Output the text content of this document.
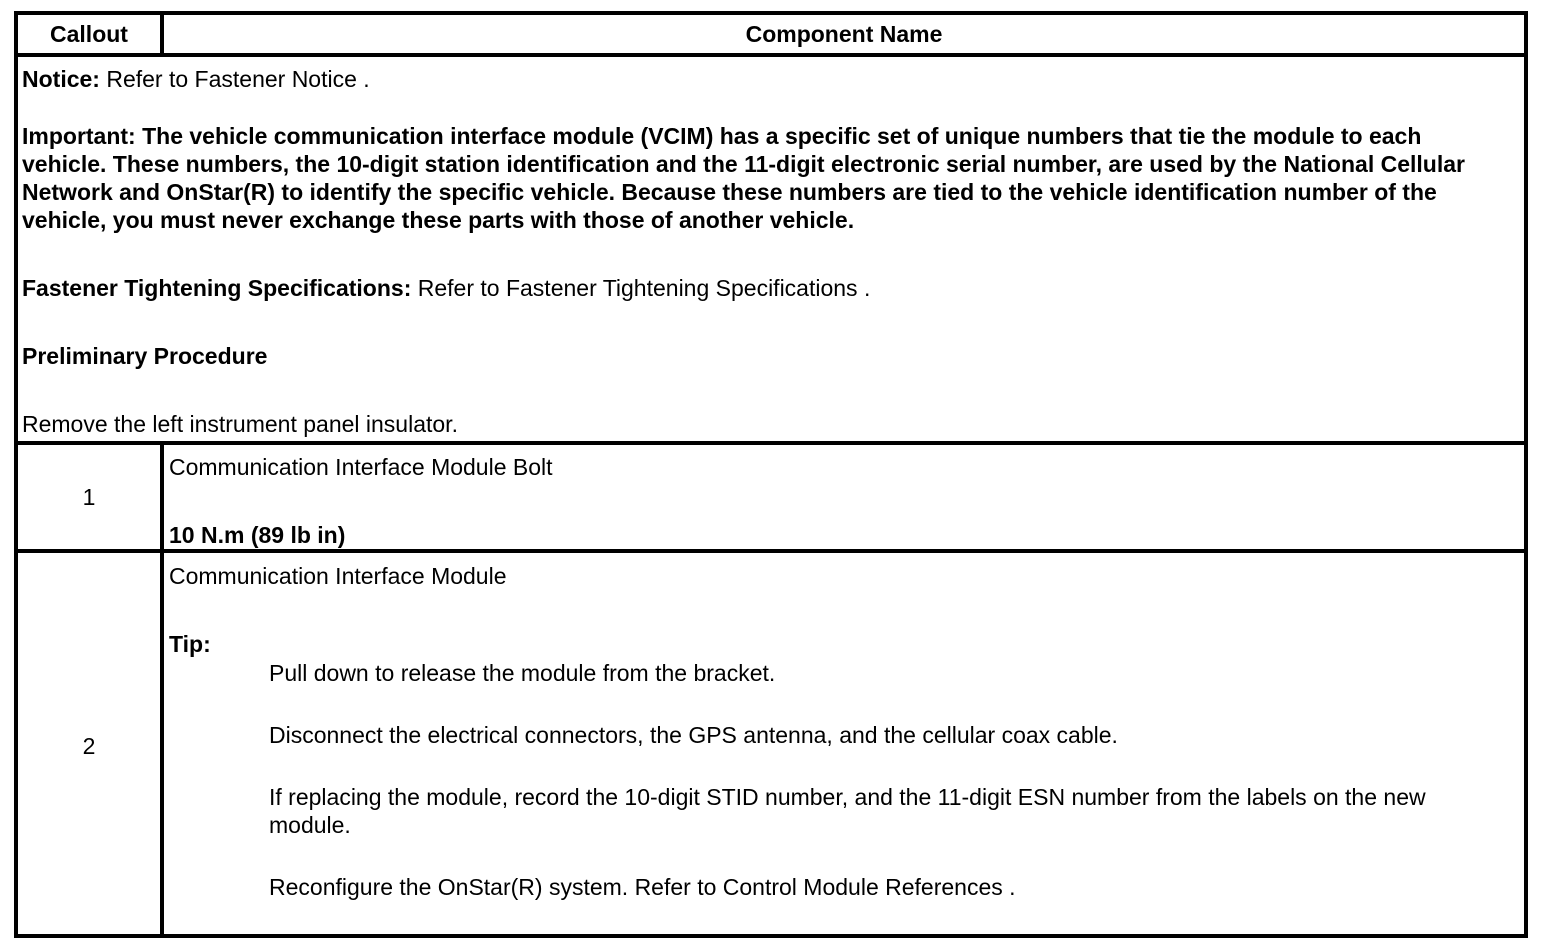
Callout	Component Name

Notice: Refer to Fastener Notice .

Important: The vehicle communication interface module (VCIM) has a specific set of unique numbers that tie the module to each vehicle. These numbers, the 10-digit station identification and the 11-digit electronic serial number, are used by the National Cellular Network and OnStar(R) to identify the specific vehicle. Because these numbers are tied to the vehicle identification number of the vehicle, you must never exchange these parts with those of another vehicle.

Fastener Tightening Specifications: Refer to Fastener Tightening Specifications .

Preliminary Procedure

Remove the left instrument panel insulator.

1

Communication Interface Module Bolt

10 N.m (89 lb in)

2

Communication Interface Module

Tip:

Pull down to release the module from the bracket.

Disconnect the electrical connectors, the GPS antenna, and the cellular coax cable.

If replacing the module, record the 10-digit STID number, and the 11-digit ESN number from the labels on the new module.

Reconfigure the OnStar(R) system. Refer to Control Module References .
